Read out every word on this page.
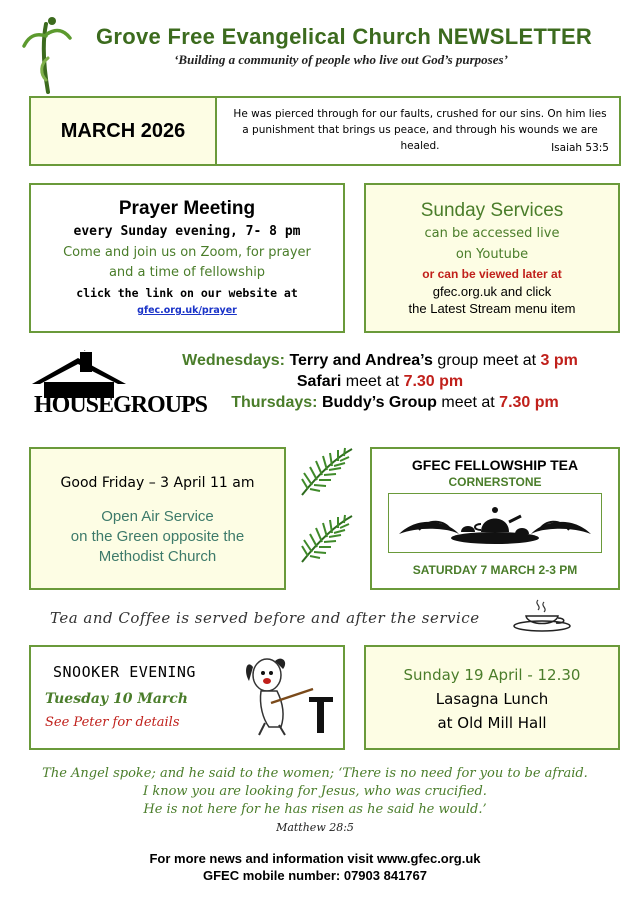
Grove Free Evangelical Church NEWSLETTER
‘Building a community of people who live out God’s purposes’
MARCH 2026
He was pierced through for our faults, crushed for our sins. On him lies
a punishment that brings us peace, and through his wounds we are healed.	Isaiah 53:5
Prayer Meeting
every Sunday evening, 7- 8 pm
Come and join us on Zoom, for prayer
and a time of fellowship
click the link on our website at
gfec.org.uk/prayer
Sunday Services
can be accessed live
on Youtube
or can be viewed later at
gfec.org.uk and click
the Latest Stream menu item
HOUSEGROUPS
Wednesdays: Terry and Andrea’s group meet at 3 pm
Safari meet at 7.30 pm
Thursdays: Buddy’s Group meet at 7.30 pm
Good Friday – 3 April 11 am
Open Air Service
on the Green opposite the
Methodist Church
GFEC FELLOWSHIP TEA
CORNERSTONE
SATURDAY 7 MARCH 2-3 PM
Tea and Coffee is served before and after the service
SNOOKER EVENING
Tuesday 10 March
See Peter for details
Sunday 19 April - 12.30
Lasagna Lunch
at Old Mill Hall
The Angel spoke; and he said to the women; ‘There is no need for you to be afraid.
I know you are looking for Jesus, who was crucified.
He is not here for he has risen as he said he would.’
Matthew 28:5
For more news and information visit www.gfec.org.uk
GFEC mobile number: 07903 841767
